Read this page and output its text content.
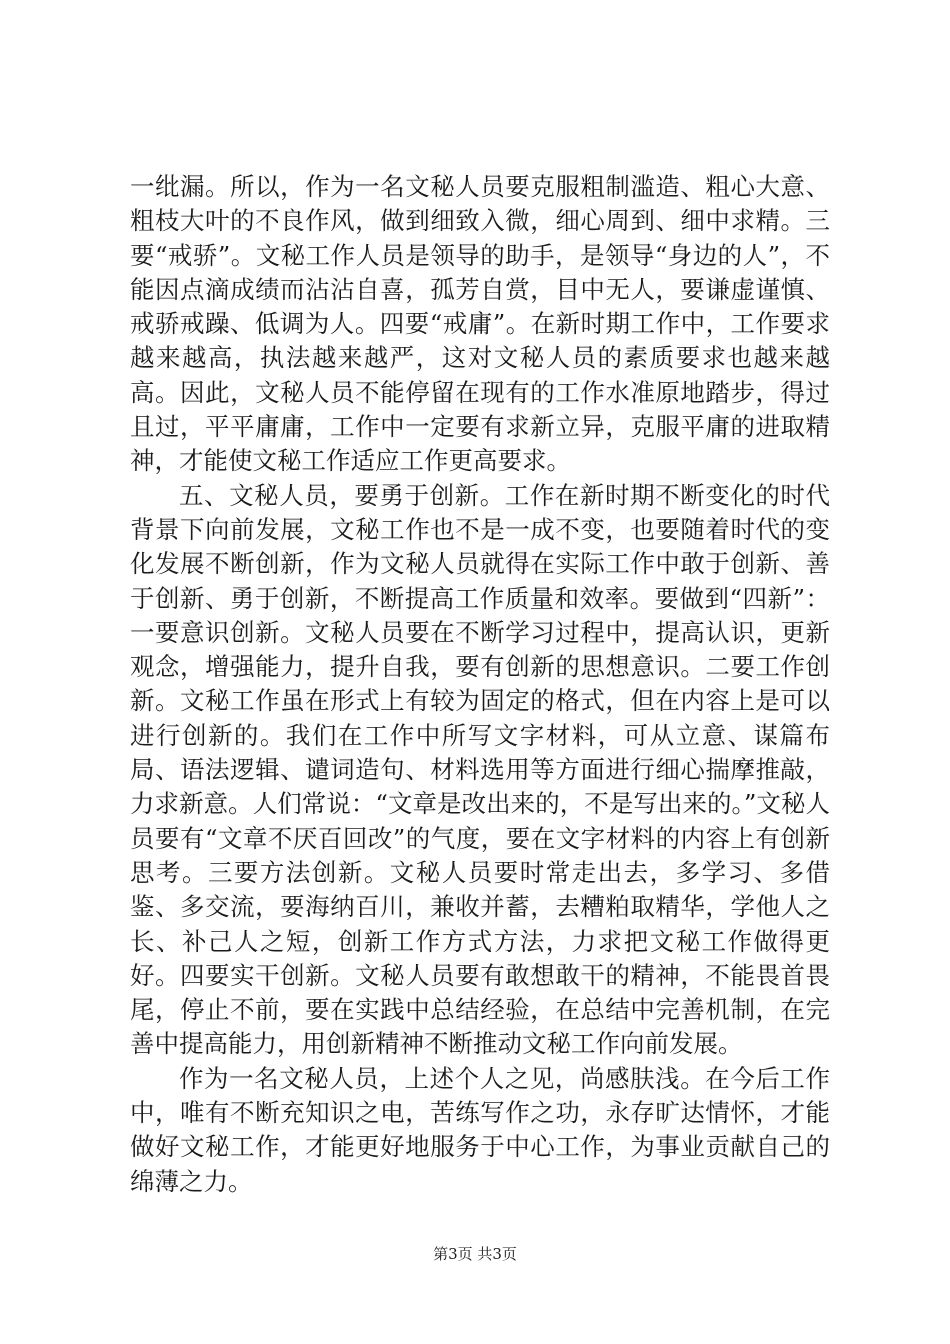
一纰漏。所以，作为一名文秘人员要克服粗制滥造、粗心大意、粗枝大叶的不良作风，做到细致入微，细心周到、细中求精。三要“戒骄”。文秘工作人员是领导的助手，是领导“身边的人”，不能因点滴成绩而沾沾自喜，孤芳自赏，目中无人，要谦虚谨慎、戒骄戒躁、低调为人。四要“戒庸”。在新时期工作中，工作要求越来越高，执法越来越严，这对文秘人员的素质要求也越来越高。因此，文秘人员不能停留在现有的工作水准原地踏步，得过且过，平平庸庸，工作中一定要有求新立异，克服平庸的进取精神，才能使文秘工作适应工作更高要求。

五、文秘人员，要勇于创新。工作在新时期不断变化的时代背景下向前发展，文秘工作也不是一成不变，也要随着时代的变化发展不断创新，作为文秘人员就得在实际工作中敢于创新、善于创新、勇于创新，不断提高工作质量和效率。要做到“四新”：一要意识创新。文秘人员要在不断学习过程中，提高认识，更新观念，增强能力，提升自我，要有创新的思想意识。二要工作创新。文秘工作虽在形式上有较为固定的格式，但在内容上是可以进行创新的。我们在工作中所写文字材料，可从立意、谋篇布局、语法逻辑、谴词造句、材料选用等方面进行细心揣摩推敲，力求新意。人们常说：“文章是改出来的，不是写出来的。”文秘人员要有“文章不厌百回改”的气度，要在文字材料的内容上有创新思考。三要方法创新。文秘人员要时常走出去，多学习、多借鉴、多交流，要海纳百川，兼收并蓄，去糟粕取精华，学他人之长、补己人之短，创新工作方式方法，力求把文秘工作做得更好。四要实干创新。文秘人员要有敢想敢干的精神，不能畏首畏尾，停止不前，要在实践中总结经验，在总结中完善机制，在完善中提高能力，用创新精神不断推动文秘工作向前发展。

作为一名文秘人员，上述个人之见，尚感肤浅。在今后工作中，唯有不断充知识之电，苦练写作之功，永存旷达情怀，才能做好文秘工作，才能更好地服务于中心工作，为事业贡献自己的绵薄之力。

第3页 共3页
